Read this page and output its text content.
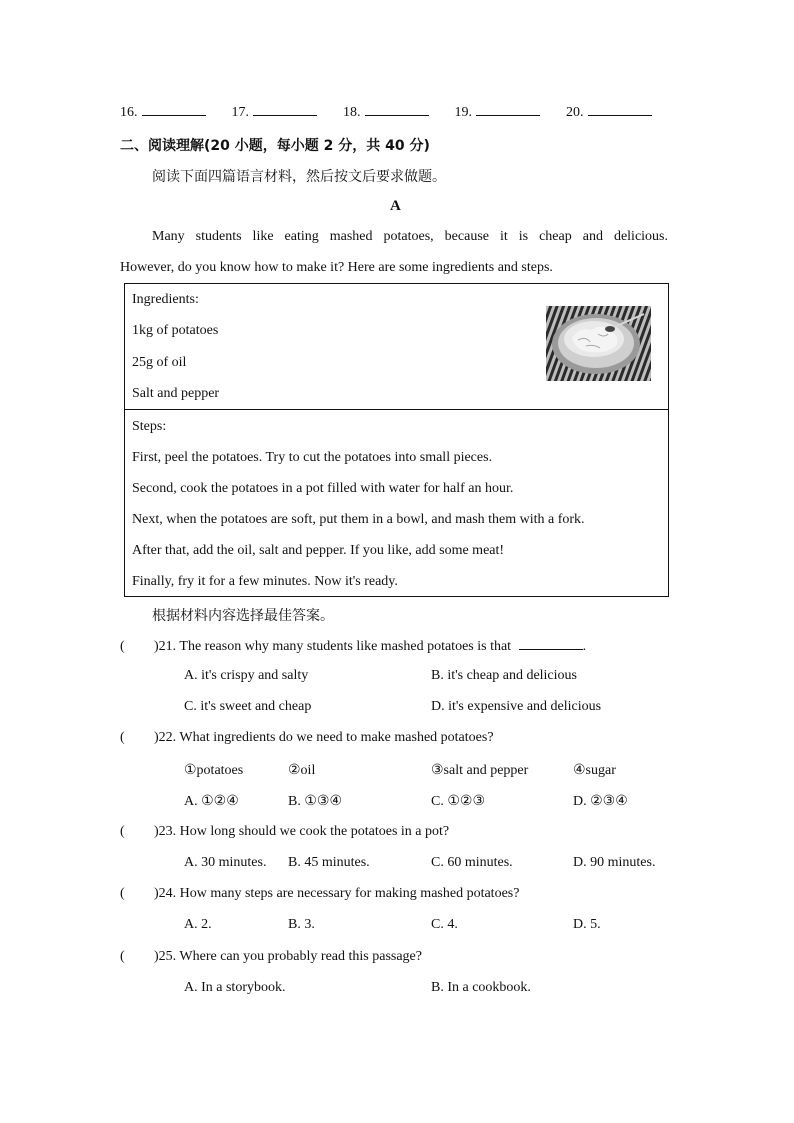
16.	17.	18.	19.	20.
二、阅读理解(20 小题，每小题 2 分，共 40 分)
阅读下面四篇语言材料，然后按文后要求做题。
A
Many students like eating mashed potatoes, because it is cheap and delicious.
However, do you know how to make it? Here are some ingredients and steps.
Ingredients:
1kg of potatoes
25g of oil
Salt and pepper
Steps:
First, peel the potatoes. Try to cut the potatoes into small pieces.
Second, cook the potatoes in a pot filled with water for half an hour.
Next, when the potatoes are soft, put them in a bowl, and mash them with a fork.
After that, add the oil, salt and pepper. If you like, add some meat!
Finally, fry it for a few minutes. Now it's ready.
根据材料内容选择最佳答案。
( )21. The reason why many students like mashed potatoes is that	.
A. it's crispy and salty	B. it's cheap and delicious
C. it's sweet and cheap	D. it's expensive and delicious
( )22. What ingredients do we need to make mashed potatoes?
①potatoes	②oil	③salt and pepper	④sugar
A. ①②④	B. ①③④	C. ①②③	D. ②③④
( )23. How long should we cook the potatoes in a pot?
A. 30 minutes. B. 45 minutes.	C. 60 minutes.	D. 90 minutes.
( )24. How many steps are necessary for making mashed potatoes?
A. 2.	B. 3.	C. 4.	D. 5.
( )25. Where can you probably read this passage?
A. In a storybook.	B. In a cookbook.
